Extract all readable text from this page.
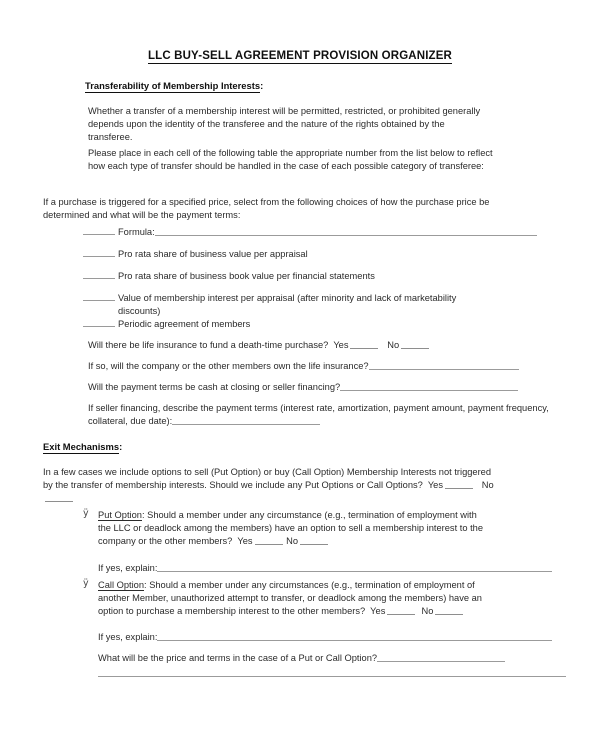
LLC BUY-SELL AGREEMENT PROVISION ORGANIZER
Transferability of Membership Interests:
Whether a transfer of a membership interest will be permitted, restricted, or prohibited generally depends upon the identity of the transferee and the nature of the rights obtained by the transferee.
Please place in each cell of the following table the appropriate number from the list below to reflect how each type of transfer should be handled in the case of each possible category of transferee:
If a purchase is triggered for a specified price, select from the following choices of how the purchase price be determined and what will be the payment terms:
Formula:
Pro rata share of business value per appraisal
Pro rata share of business book value per financial statements
Value of membership interest per appraisal (after minority and lack of marketability discounts)
Periodic agreement of members
Will there be life insurance to fund a death-time purchase? Yes	No
If so, will the company or the other members own the life insurance?
Will the payment terms be cash at closing or seller financing?
If seller financing, describe the payment terms (interest rate, amortization, payment amount, payment frequency, collateral, due date):
Exit Mechanisms:
In a few cases we include options to sell (Put Option) or buy (Call Option) Membership Interests not triggered by the transfer of membership interests. Should we include any Put Options or Call Options? Yes	No
ÿ Put Option: Should a member under any circumstance (e.g., termination of employment with the LLC or deadlock among the members) have an option to sell a membership interest to the company or the other members? Yes	No
If yes, explain:
ÿ Call Option: Should a member under any circumstances (e.g., termination of employment of another Member, unauthorized attempt to transfer, or deadlock among the members) have an option to purchase a membership interest to the other members? Yes	No
If yes, explain:
What will be the price and terms in the case of a Put or Call Option?
